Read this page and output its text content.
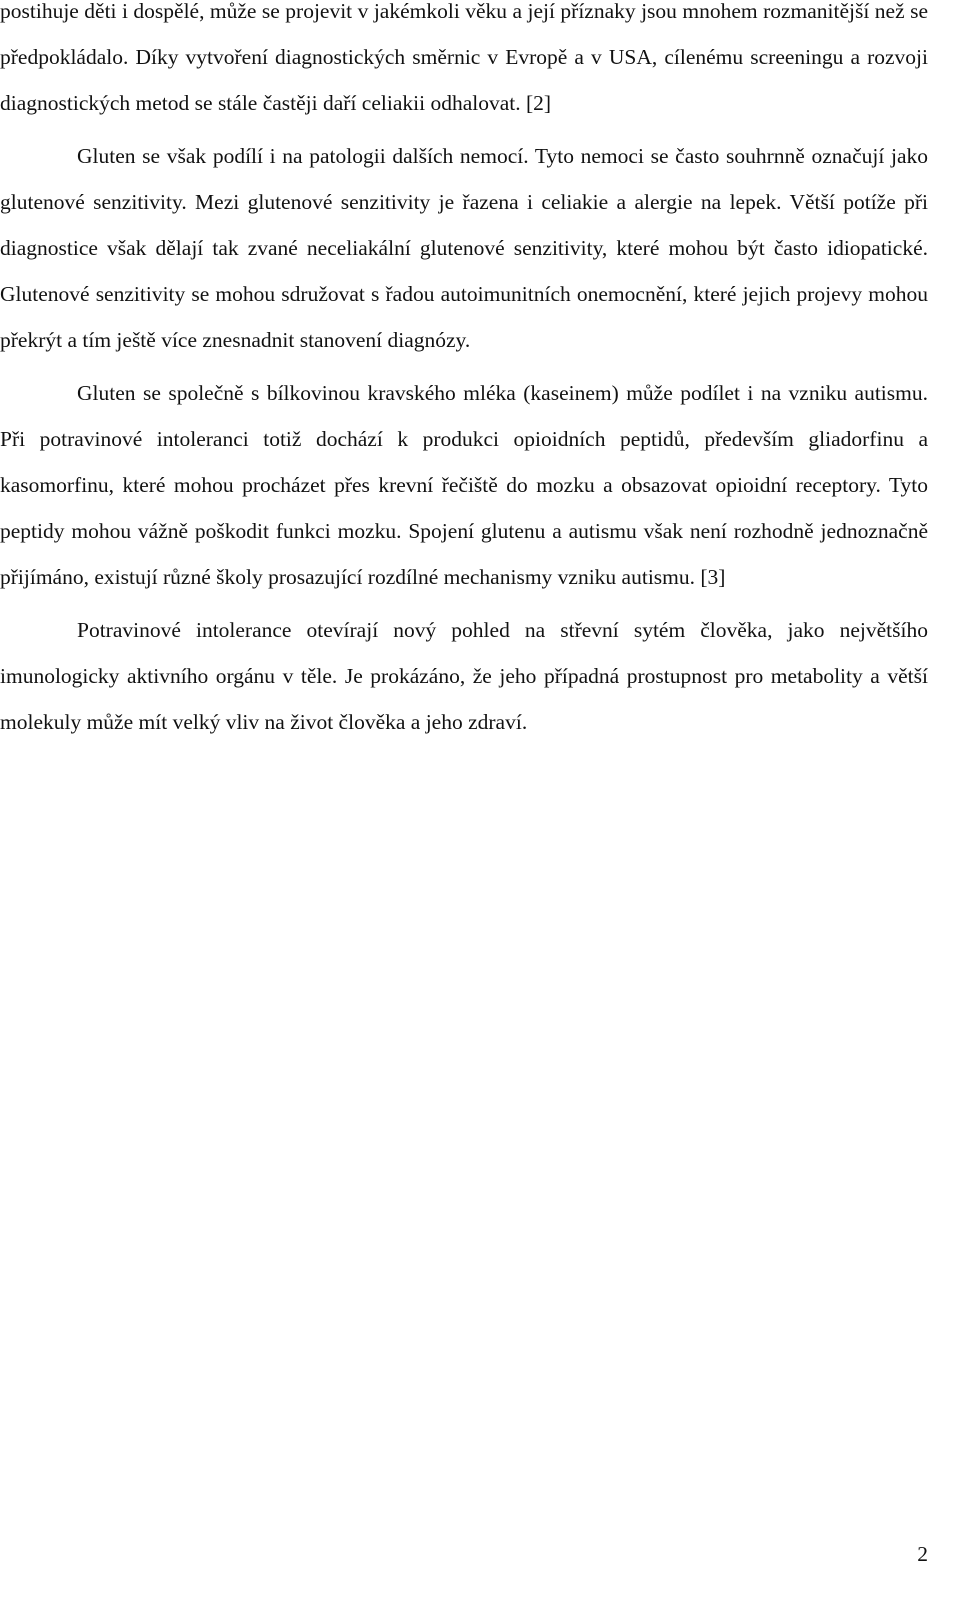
postihuje děti i dospělé, může se projevit v jakémkoli věku a její příznaky jsou mnohem rozmanitější než se předpokládalo. Díky vytvoření diagnostických směrnic v Evropě a v USA, cílenému screeningu a rozvoji diagnostických metod se stále častěji daří celiakii odhalovat. [2]

Gluten se však podílí i na patologii dalších nemocí. Tyto nemoci se často souhrnně označují jako glutenové senzitivity. Mezi glutenové senzitivity je řazena i celiakie a alergie na lepek. Větší potíže při diagnostice však dělají tak zvané neceliakální glutenové senzitivity, které mohou být často idiopatické. Glutenové senzitivity se mohou sdružovat s řadou autoimunitních onemocnění, které jejich projevy mohou překrýt a tím ještě více znesnadnit stanovení diagnózy.

Gluten se společně s bílkovinou kravského mléka (kaseinem) může podílet i na vzniku autismu. Při potravinové intoleranci totiž dochází k produkci opioidních peptidů, především gliadorfinu a kasomorfinu, které mohou procházet přes krevní řečiště do mozku a obsazovat opioidní receptory. Tyto peptidy mohou vážně poškodit funkci mozku. Spojení glutenu a autismu však není rozhodně jednoznačně přijímáno, existují různé školy prosazující rozdílné mechanismy vzniku autismu. [3]

Potravinové intolerance otevírají nový pohled na střevní sytém člověka, jako největšího imunologicky aktivního orgánu v těle. Je prokázáno, že jeho případná prostupnost pro metabolity a větší molekuly může mít velký vliv na život člověka a jeho zdraví.

2
